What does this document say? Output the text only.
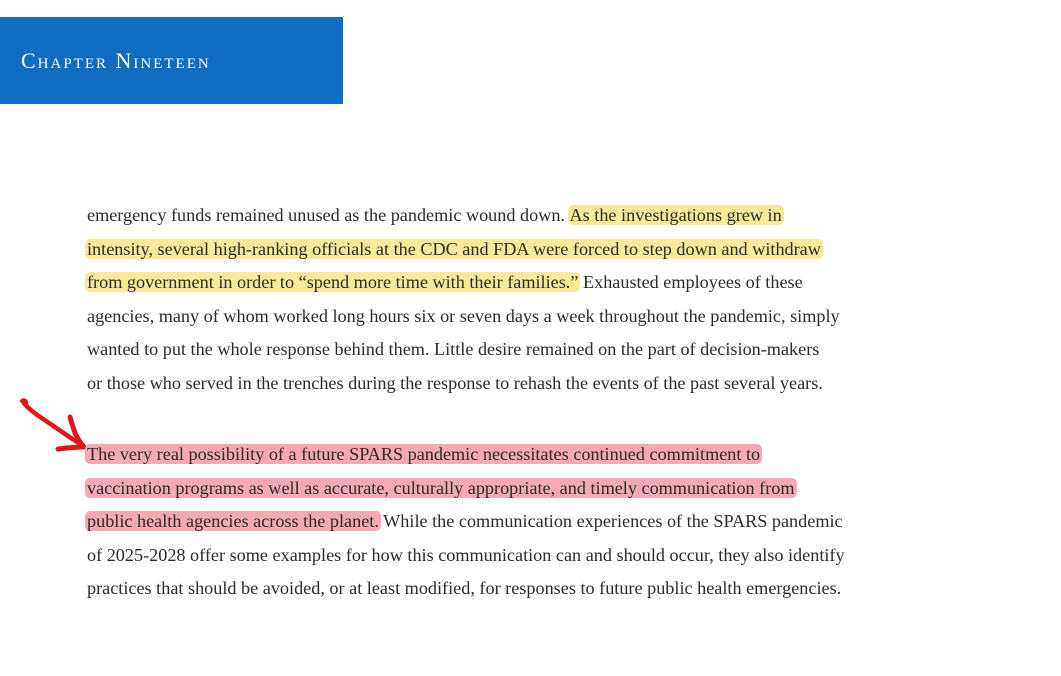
Chapter Nineteen

emergency funds remained unused as the pandemic wound down. As the investigations grew in
intensity, several high-ranking officials at the CDC and FDA were forced to step down and withdraw
from government in order to “spend more time with their families.” Exhausted employees of these
agencies, many of whom worked long hours six or seven days a week throughout the pandemic, simply
wanted to put the whole response behind them. Little desire remained on the part of decision-makers
or those who served in the trenches during the response to rehash the events of the past several years.

The very real possibility of a future SPARS pandemic necessitates continued commitment to
vaccination programs as well as accurate, culturally appropriate, and timely communication from
public health agencies across the planet. While the communication experiences of the SPARS pandemic
of 2025-2028 offer some examples for how this communication can and should occur, they also identify
practices that should be avoided, or at least modified, for responses to future public health emergencies.
